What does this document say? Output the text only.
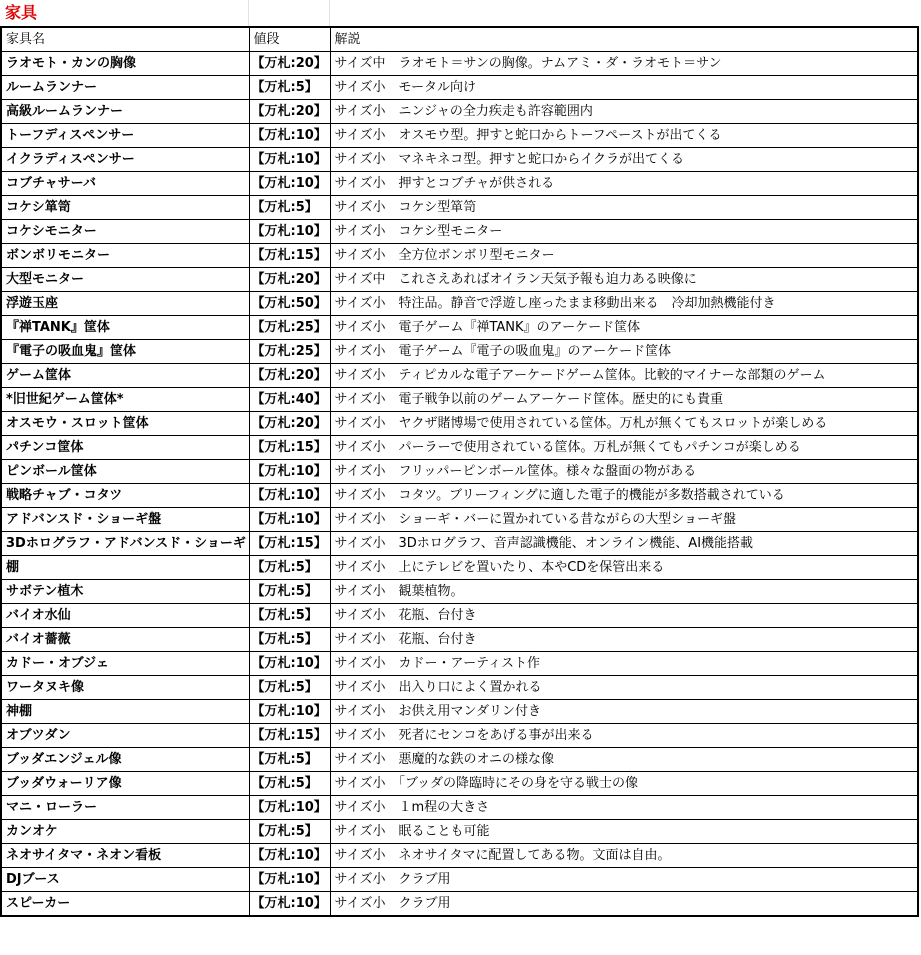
家具
家具名	値段	解説
ラオモト・カンの胸像	【万札:20】	サイズ中　ラオモト＝サンの胸像。ナムアミ・ダ・ラオモト＝サン
ルームランナー	【万札:5】	サイズ小　モータル向け
高級ルームランナー	【万札:20】	サイズ小　ニンジャの全力疾走も許容範囲内
トーフディスペンサー	【万札:10】	サイズ小　オスモウ型。押すと蛇口からトーフペーストが出てくる
イクラディスペンサー	【万札:10】	サイズ小　マネキネコ型。押すと蛇口からイクラが出てくる
コブチャサーバ	【万札:10】	サイズ小　押すとコブチャが供される
コケシ箪笥	【万札:5】	サイズ小　コケシ型箪笥
コケシモニター	【万札:10】	サイズ小　コケシ型モニター
ボンボリモニター	【万札:15】	サイズ小　全方位ボンボリ型モニター
大型モニター	【万札:20】	サイズ中　これさえあればオイラン天気予報も迫力ある映像に
浮遊玉座	【万札:50】	サイズ小　特注品。静音で浮遊し座ったまま移動出来る　冷却加熱機能付き
『禅TANK』筐体	【万札:25】	サイズ小　電子ゲーム『禅TANK』のアーケード筐体
『電子の吸血鬼』筐体	【万札:25】	サイズ小　電子ゲーム『電子の吸血鬼』のアーケード筐体
ゲーム筐体	【万札:20】	サイズ小　ティピカルな電子アーケードゲーム筐体。比較的マイナーな部類のゲーム
*旧世紀ゲーム筐体*	【万札:40】	サイズ小　電子戦争以前のゲームアーケード筐体。歴史的にも貴重
オスモウ・スロット筐体	【万札:20】	サイズ小　ヤクザ賭博場で使用されている筐体。万札が無くてもスロットが楽しめる
パチンコ筐体	【万札:15】	サイズ小　パーラーで使用されている筐体。万札が無くてもパチンコが楽しめる
ピンボール筐体	【万札:10】	サイズ小　フリッパーピンボール筐体。様々な盤面の物がある
戦略チャブ・コタツ	【万札:10】	サイズ小　コタツ。ブリーフィングに適した電子的機能が多数搭載されている
アドバンスド・ショーギ盤	【万札:10】	サイズ小　ショーギ・バーに置かれている昔ながらの大型ショーギ盤
3Dホログラフ・アドバンスド・ショーギ	【万札:15】	サイズ小　3Dホログラフ、音声認識機能、オンライン機能、AI機能搭載
棚	【万札:5】	サイズ小　上にテレビを置いたり、本やCDを保管出来る
サボテン植木	【万札:5】	サイズ小　観葉植物。
バイオ水仙	【万札:5】	サイズ小　花瓶、台付き
バイオ薔薇	【万札:5】	サイズ小　花瓶、台付き
カドー・オブジェ	【万札:10】	サイズ小　カドー・アーティスト作
ワータヌキ像	【万札:5】	サイズ小　出入り口によく置かれる
神棚	【万札:10】	サイズ小　お供え用マンダリン付き
オブツダン	【万札:15】	サイズ小　死者にセンコをあげる事が出来る
ブッダエンジェル像	【万札:5】	サイズ小　悪魔的な鉄のオニの様な像
ブッダウォーリア像	【万札:5】	サイズ小　「ブッダの降臨時にその身を守る戦士の像
マニ・ローラー	【万札:10】	サイズ小　１m程の大きさ
カンオケ	【万札:5】	サイズ小　眠ることも可能
ネオサイタマ・ネオン看板	【万札:10】	サイズ小　ネオサイタマに配置してある物。文面は自由。
DJブース	【万札:10】	サイズ小　クラブ用
スピーカー	【万札:10】	サイズ小　クラブ用
